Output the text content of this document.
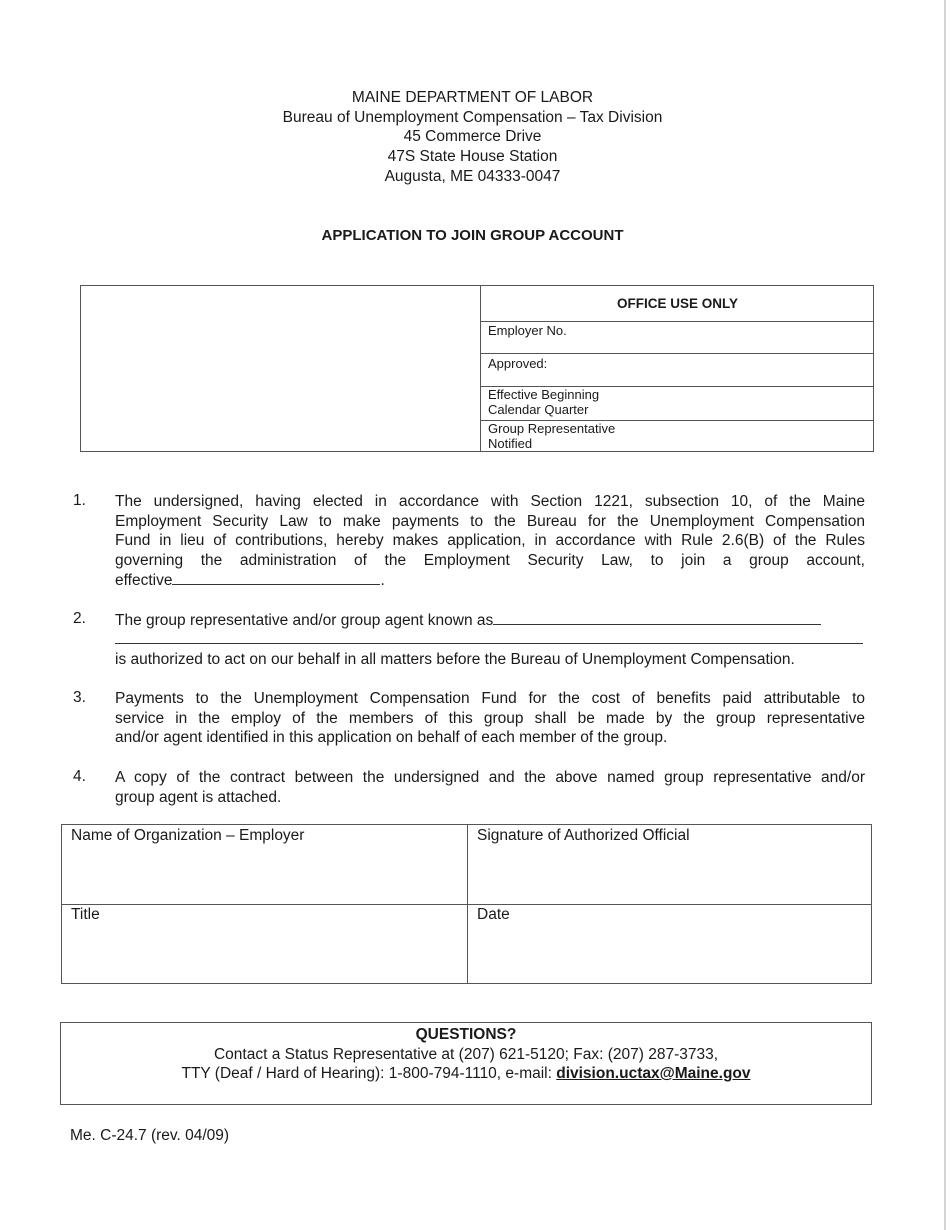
MAINE DEPARTMENT OF LABOR
Bureau of Unemployment Compensation – Tax Division
45 Commerce Drive
47S State House Station
Augusta, ME 04333-0047
APPLICATION TO JOIN GROUP ACCOUNT
OFFICE USE ONLY
Employer No.
Approved:
Effective Beginning
Calendar Quarter
Group Representative
Notified
1. The undersigned, having elected in accordance with Section 1221, subsection 10, of the Maine
Employment Security Law to make payments to the Bureau for the Unemployment Compensation
Fund in lieu of contributions, hereby makes application, in accordance with Rule 2.6(B) of the Rules
governing the administration of the Employment Security Law, to join a group account,
effective	.
2. The group representative and/or group agent known as
is authorized to act on our behalf in all matters before the Bureau of Unemployment Compensation.
3. Payments to the Unemployment Compensation Fund for the cost of benefits paid attributable to
service in the employ of the members of this group shall be made by the group representative
and/or agent identified in this application on behalf of each member of the group.
4. A copy of the contract between the undersigned and the above named group representative and/or
group agent is attached.
Name of Organization – Employer	Signature of Authorized Official
Title	Date
QUESTIONS?
Contact a Status Representative at (207) 621-5120; Fax: (207) 287-3733,
TTY (Deaf / Hard of Hearing): 1-800-794-1110, e-mail: division.uctax@Maine.gov
Me. C-24.7 (rev. 04/09)
